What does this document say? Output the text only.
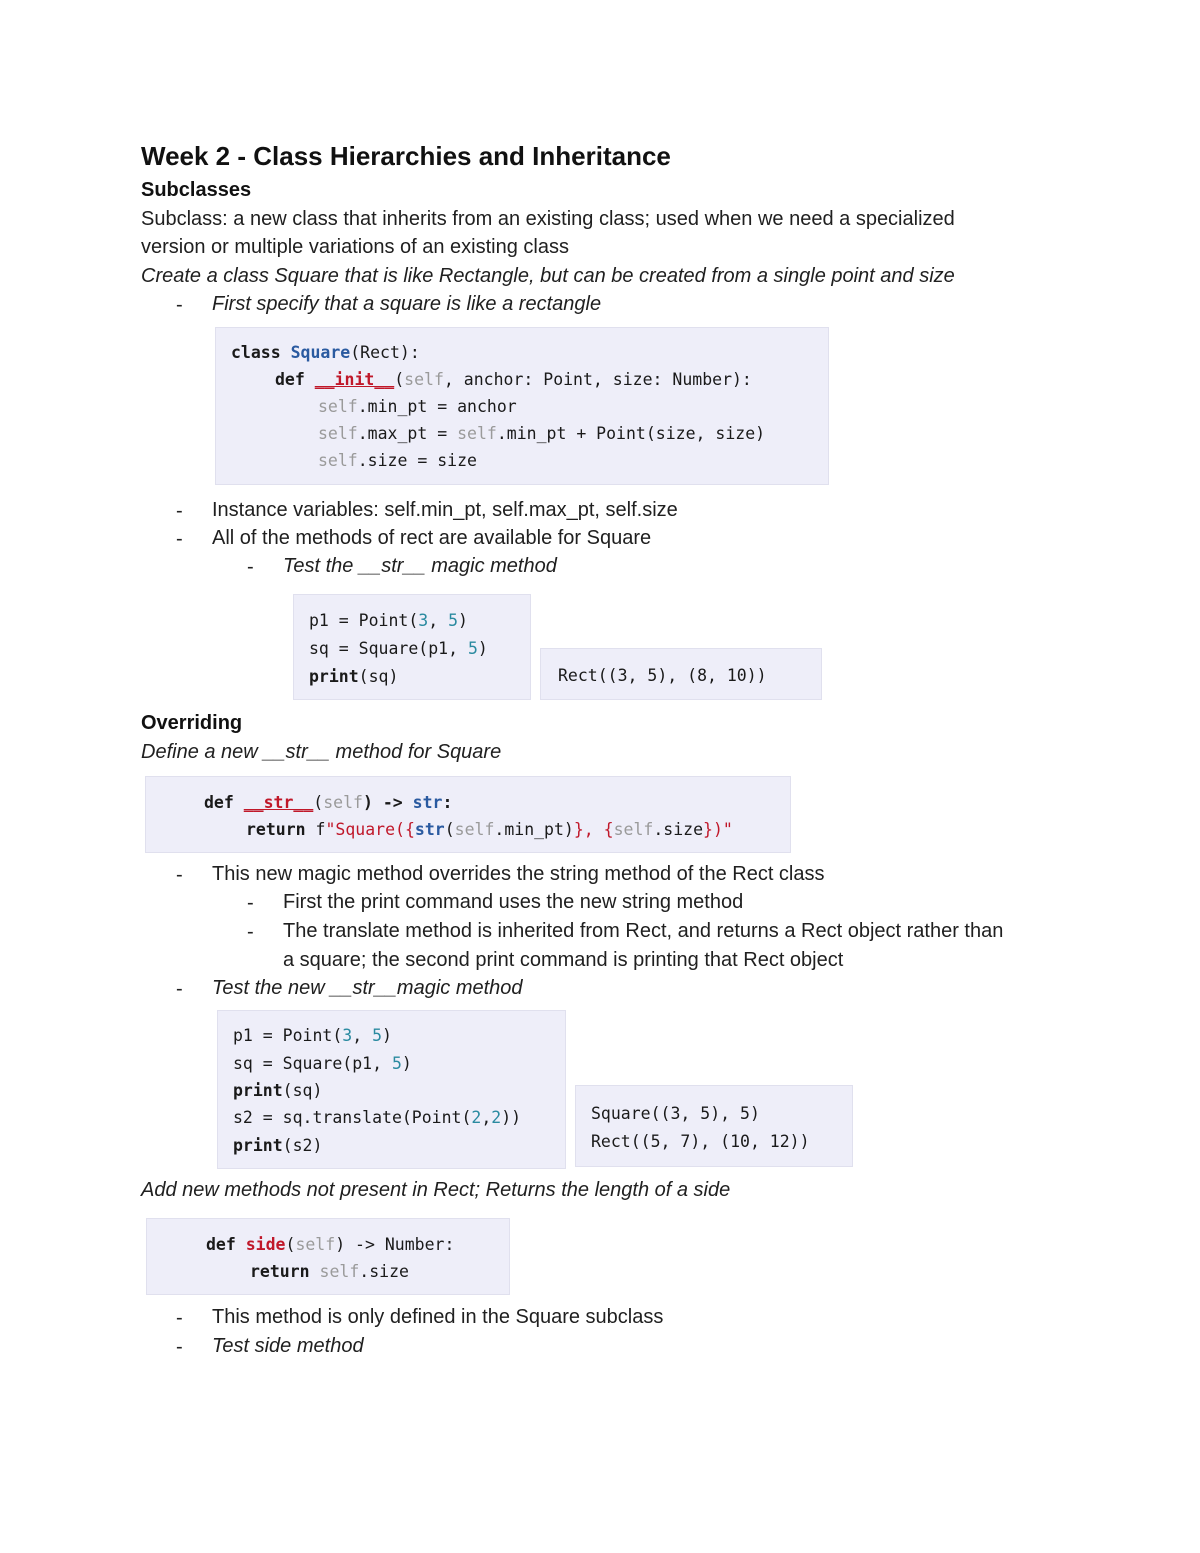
Week 2 - Class Hierarchies and Inheritance
Subclasses
Subclass: a new class that inherits from an existing class; used when we need a specialized
version or multiple variations of an existing class
Create a class Square that is like Rectangle, but can be created from a single point and size
- First specify that a square is like a rectangle
class Square(Rect):
def __init__(self, anchor: Point, size: Number):
self.min_pt = anchor
self.max_pt = self.min_pt + Point(size, size)
self.size = size
- Instance variables: self.min_pt, self.max_pt, self.size
- All of the methods of rect are available for Square
- Test the __str__ magic method
p1 = Point(3, 5)
sq = Square(p1, 5)
print(sq)	Rect((3, 5), (8, 10))
Overriding
Define a new __str__ method for Square
def __str__(self) -> str:
return f"Square({str(self.min_pt)}, {self.size})"
- This new magic method overrides the string method of the Rect class
- First the print command uses the new string method
- The translate method is inherited from Rect, and returns a Rect object rather than
a square; the second print command is printing that Rect object
- Test the new __str__magic method
p1 = Point(3, 5)
sq = Square(p1, 5)
print(sq)
s2 = sq.translate(Point(2,2))
print(s2)
Square((3, 5), 5)
Rect((5, 7), (10, 12))
Add new methods not present in Rect; Returns the length of a side
def side(self) -> Number:
return self.size
- This method is only defined in the Square subclass
- Test side method
